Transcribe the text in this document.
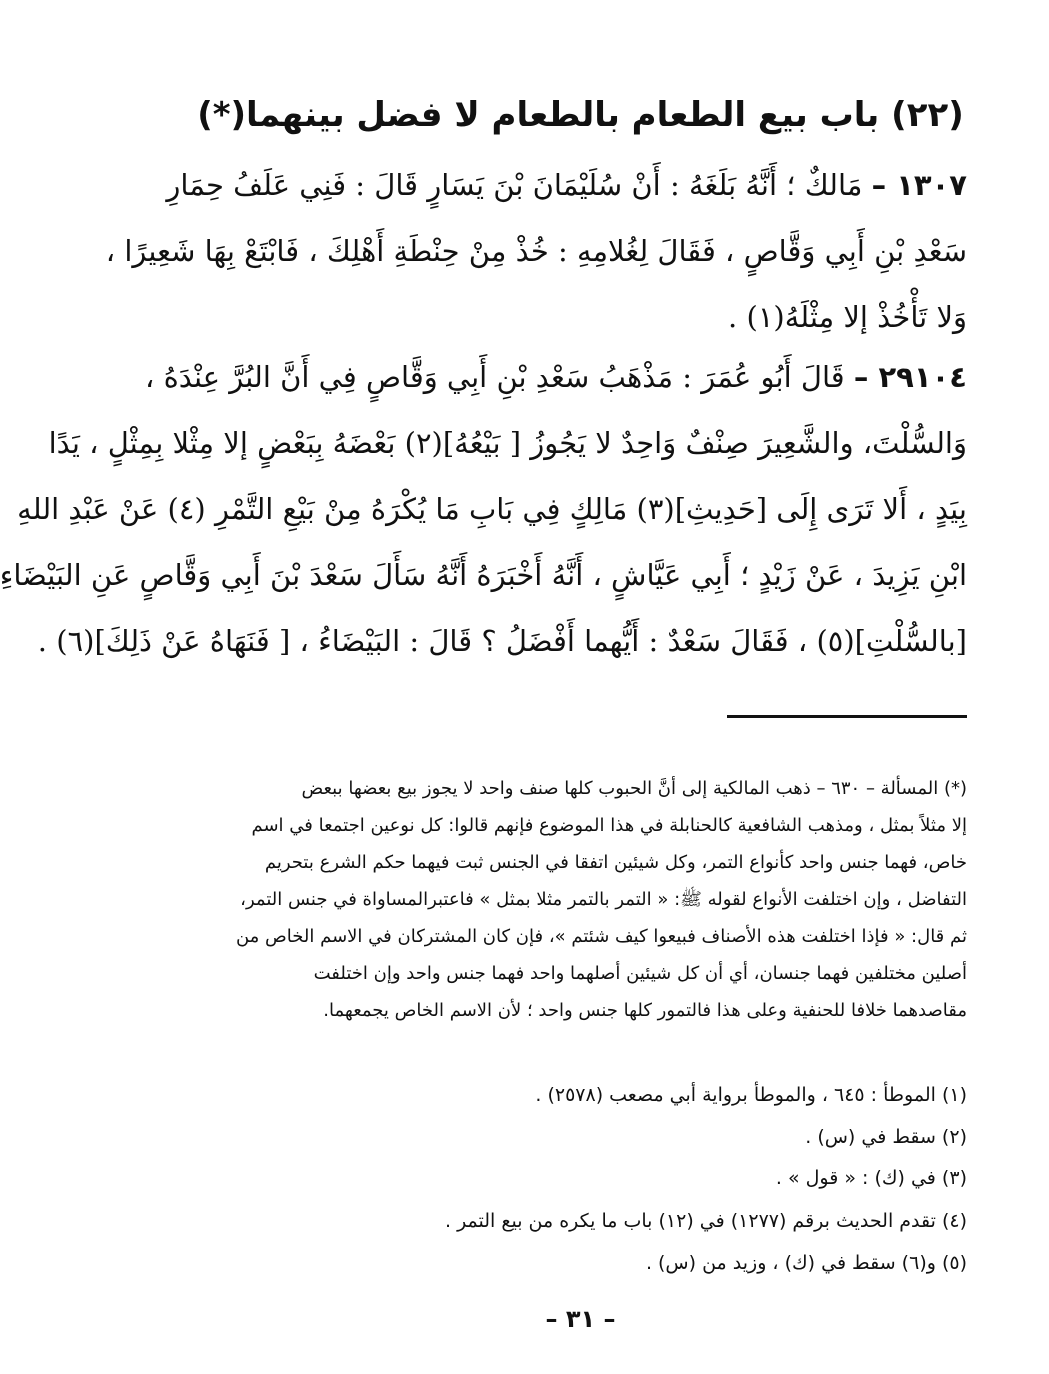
(٢٢) باب بيع الطعام بالطعام لا فضل بينهما(*)
١٣٠٧ – مَالكٌ ؛ أَنَّهُ بَلَغَهُ : أَنْ سُلَيْمَانَ بْنَ يَسَارٍ قَالَ : فَنِي عَلَفُ حِمَارِ
سَعْدِ بْنِ أَبِي وَقَّاصٍ ، فَقَالَ لِغُلامِهِ : خُذْ مِنْ حِنْطَةِ أَهْلِكَ ، فَابْتَعْ بِهَا شَعِيرًا ،
وَلا تَأْخُذْ إلا مِثْلَهُ(١) .
٢٩١٠٤ – قَالَ أَبُو عُمَرَ : مَذْهَبُ سَعْدِ بْنِ أَبِي وَقَّاصٍ فِي أَنَّ البُرَّ عِنْدَهُ ،
وَالسُّلْتَ، والشَّعِيرَ صِنْفٌ وَاحِدٌ لا يَجُوزُ [ بَيْعُهُ](٢) بَعْضَهُ بِبَعْضٍ إلا مِثْلا بِمِثْلٍ ، يَدًا
بِيَدٍ ، أَلا تَرَى إِلَى [حَدِيثِ](٣) مَالِكٍ فِي بَابِ مَا يُكْرَهُ مِنْ بَيْعِ التَّمْرِ (٤) عَنْ عَبْدِ اللهِ
ابْنِ يَزِيدَ ، عَنْ زَيْدٍ ؛ أَبِي عَيَّاشٍ ، أَنَّهُ أَخْبَرَهُ أَنَّهُ سَأَلَ سَعْدَ بْنَ أَبِي وَقَّاصٍ عَنِ البَيْضَاءِ
[بالسُّلْتِ](٥) ، فَقَالَ سَعْدٌ : أَيُّهما أَفْضَلُ ؟ قَالَ : البَيْضَاءُ ، [ فَنَهَاهُ عَنْ ذَلِكَ](٦) .
(*) المسألة – ٦٣٠ – ذهب المالكية إلى أنَّ الحبوب كلها صنف واحد لا يجوز بيع بعضها ببعض
إلا مثلاً بمثل ، ومذهب الشافعية كالحنابلة في هذا الموضوع فإنهم قالوا: كل نوعين اجتمعا في اسم
خاص، فهما جنس واحد كأنواع التمر، وكل شيئين اتفقا في الجنس ثبت فيهما حكم الشرع بتحريم
التفاضل ، وإن اختلفت الأنواع لقوله ﷺ: « التمر بالتمر مثلا بمثل » فاعتبرالمساواة في جنس التمر،
ثم قال: « فإذا اختلفت هذه الأصناف فبيعوا كيف شئتم »، فإن كان المشتركان في الاسم الخاص من
أصلين مختلفين فهما جنسان، أي أن كل شيئين أصلهما واحد فهما جنس واحد وإن اختلفت
مقاصدهما خلافا للحنفية وعلى هذا فالتمور كلها جنس واحد ؛ لأن الاسم الخاص يجمعهما.
(١) الموطأ : ٦٤٥ ، والموطأ برواية أبي مصعب (٢٥٧٨) .
(٢) سقط في (س) .
(٣) في (ك) : « قول » .
(٤) تقدم الحديث برقم (١٢٧٧) في (١٢) باب ما يكره من بيع التمر .
(٥) و(٦) سقط في (ك) ، وزيد من (س) .
– ٣١ –
